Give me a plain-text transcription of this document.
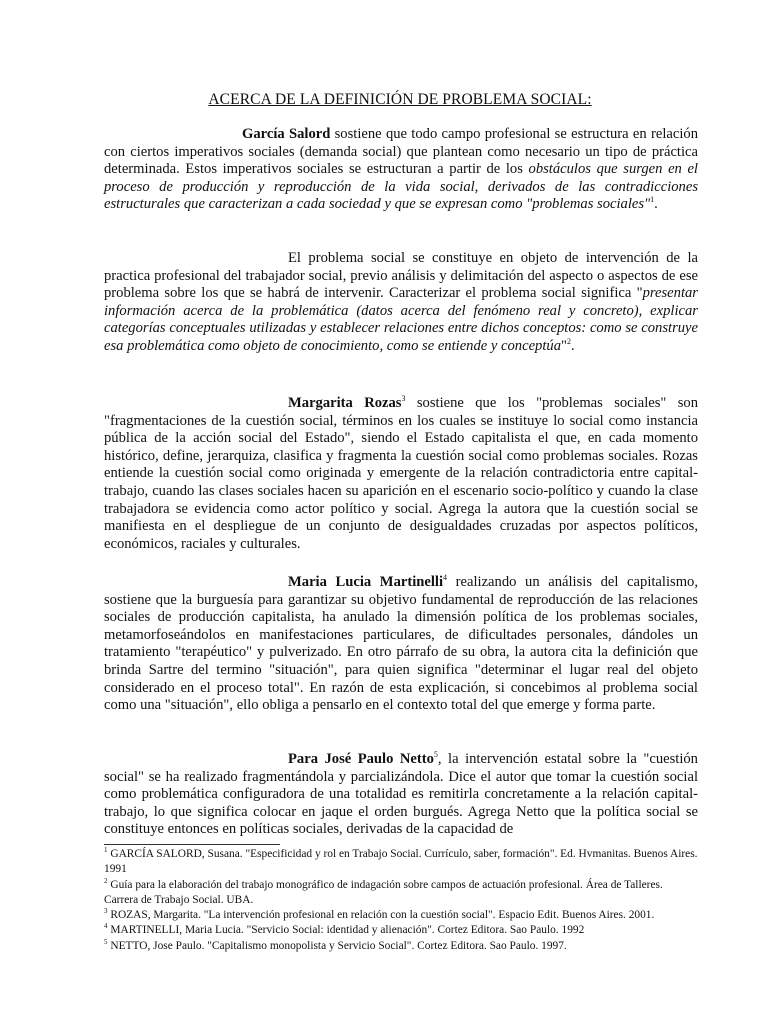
ACERCA DE LA DEFINICIÓN DE PROBLEMA SOCIAL:

García Salord sostiene que todo campo profesional se estructura en relación con ciertos imperativos sociales (demanda social) que plantean como necesario un tipo de práctica determinada. Estos imperativos sociales se estructuran a partir de los obstáculos que surgen en el proceso de producción y reproducción de la vida social, derivados de las contradicciones estructurales que caracterizan a cada sociedad y que se expresan como "problemas sociales"$^1$.

El problema social se constituye en objeto de intervención de la practica profesional del trabajador social, previo análisis y delimitación del aspecto o aspectos de ese problema sobre los que se habrá de intervenir. Caracterizar el problema social significa "presentar información acerca de la problemática (datos acerca del fenómeno real y concreto), explicar categorías conceptuales utilizadas y establecer relaciones entre dichos conceptos: como se construye esa problemática como objeto de conocimiento, como se entiende y conceptúa"$^2$.

Margarita Rozas$^3$ sostiene que los "problemas sociales" son "fragmentaciones de la cuestión social, términos en los cuales se instituye lo social como instancia pública de la acción social del Estado", siendo el Estado capitalista el que, en cada momento histórico, define, jerarquiza, clasifica y fragmenta la cuestión social como problemas sociales. Rozas entiende la cuestión social como originada y emergente de la relación contradictoria entre capital-trabajo, cuando las clases sociales hacen su aparición en el escenario socio-político y cuando la clase trabajadora se evidencia como actor político y social. Agrega la autora que la cuestión social se manifiesta en el despliegue de un conjunto de desigualdades cruzadas por aspectos políticos, económicos, raciales y culturales.

Maria Lucia Martinelli$^4$ realizando un análisis del capitalismo, sostiene que la burguesía para garantizar su objetivo fundamental de reproducción de las relaciones sociales de producción capitalista, ha anulado la dimensión política de los problemas sociales, metamorfoseándolos en manifestaciones particulares, de dificultades personales, dándoles un tratamiento "terapéutico" y pulverizado. En otro párrafo de su obra, la autora cita la definición que brinda Sartre del termino "situación", para quien significa "determinar el lugar real del objeto considerado en el proceso total". En razón de esta explicación, si concebimos al problema social como una "situación", ello obliga a pensarlo en el contexto total del que emerge y forma parte.

Para José Paulo Netto$^5$, la intervención estatal sobre la "cuestión social" se ha realizado fragmentándola y parcializándola. Dice el autor que tomar la cuestión social como problemática configuradora de una totalidad es remitirla concretamente a la relación capital-trabajo, lo que significa colocar en jaque el orden burgués. Agrega Netto que la política social se constituye entonces en políticas sociales, derivadas de la capacidad de

$^1$ GARCÍA SALORD, Susana. "Especificidad y rol en Trabajo Social. Currículo, saber, formación". Ed. Hvmanitas. Buenos Aires. 1991
$^2$ Guía para la elaboración del trabajo monográfico de indagación sobre campos de actuación profesional. Área de Talleres. Carrera de Trabajo Social. UBA.
$^3$ ROZAS, Margarita. "La intervención profesional en relación con la cuestión social". Espacio Edit. Buenos Aires. 2001.
$^4$ MARTINELLI, Maria Lucia. "Servicio Social: identidad y alienación". Cortez Editora. Sao Paulo. 1992
$^5$ NETTO, Jose Paulo. "Capitalismo monopolista y Servicio Social". Cortez Editora. Sao Paulo. 1997.
